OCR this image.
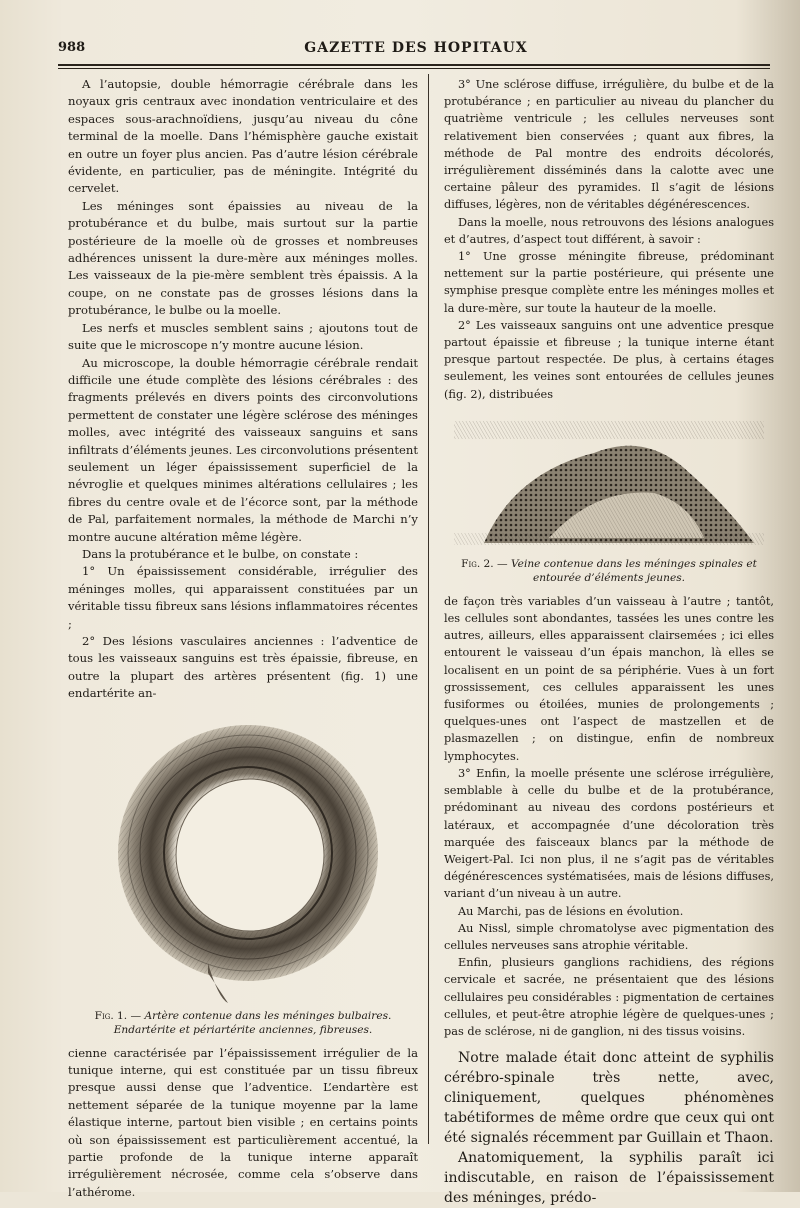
988	GAZETTE DES HOPITAUX

A l’autopsie, double hémorragie cérébrale dans les noyaux gris centraux avec inondation ventriculaire et des espaces sous-arachnoïdiens, jusqu’au niveau du cône terminal de la moelle. Dans l’hémisphère gauche existait en outre un foyer plus ancien. Pas d’autre lésion cérébrale évidente, en particulier, pas de méningite. Intégrité du cervelet.

Les méninges sont épaissies au niveau de la protubérance et du bulbe, mais surtout sur la partie postérieure de la moelle où de grosses et nombreuses adhérences unissent la dure-mère aux méninges molles. Les vaisseaux de la pie-mère semblent très épaissis. A la coupe, on ne constate pas de grosses lésions dans la protubérance, le bulbe ou la moelle.

Les nerfs et muscles semblent sains ; ajoutons tout de suite que le microscope n’y montre aucune lésion.

Au microscope, la double hémorragie cérébrale rendait difficile une étude complète des lésions cérébrales : des fragments prélevés en divers points des circonvolutions permettent de constater une légère sclérose des méninges molles, avec intégrité des vaisseaux sanguins et sans infiltrats d’éléments jeunes. Les circonvolutions présentent seulement un léger épaississement superficiel de la névroglie et quelques minimes altérations cellulaires ; les fibres du centre ovale et de l’écorce sont, par la méthode de Pal, parfaitement normales, la méthode de Marchi n’y montre aucune altération même légère.

Dans la protubérance et le bulbe, on constate :

1° Un épaississement considérable, irrégulier des méninges molles, qui apparaissent constituées par un véritable tissu fibreux sans lésions inflammatoires récentes ;

2° Des lésions vasculaires anciennes : l’adventice de tous les vaisseaux sanguins est très épaissie, fibreuse, en outre la plupart des artères présentent (fig. 1) une endartérite an-

Fig. 1. — Artère contenue dans les méninges bulbaires. Endartérite et périartérite anciennes, fibreuses.

cienne caractérisée par l’épaississement irrégulier de la tunique interne, qui est constituée par un tissu fibreux presque aussi dense que l’adventice. L’endartère est nettement séparée de la tunique moyenne par la lame élastique interne, partout bien visible ; en certains points où son épaississement est particulièrement accentué, la partie profonde de la tunique interne apparaît irrégulièrement nécrosée, comme cela s’observe dans l’athérome.

3° Une sclérose diffuse, irrégulière, du bulbe et de la protubérance ; en particulier au niveau du plancher du quatrième ventricule ; les cellules nerveuses sont relativement bien conservées ; quant aux fibres, la méthode de Pal montre des endroits décolorés, irrégulièrement disséminés dans la calotte avec une certaine pâleur des pyramides. Il s’agit de lésions diffuses, légères, non de véritables dégénérescences.

Dans la moelle, nous retrouvons des lésions analogues et d’autres, d’aspect tout différent, à savoir :

1° Une grosse méningite fibreuse, prédominant nettement sur la partie postérieure, qui présente une symphise presque complète entre les méninges molles et la dure-mère, sur toute la hauteur de la moelle.

2° Les vaisseaux sanguins ont une adventice presque partout épaissie et fibreuse ; la tunique interne étant presque partout respectée. De plus, à certains étages seulement, les veines sont entourées de cellules jeunes (fig. 2), distribuées

Fig. 2. — Veine contenue dans les méninges spinales et entourée d’éléments jeunes.

de façon très variables d’un vaisseau à l’autre ; tantôt, les cellules sont abondantes, tassées les unes contre les autres, ailleurs, elles apparaissent clairsemées ; ici elles entourent le vaisseau d’un épais manchon, là elles se localisent en un point de sa périphérie. Vues à un fort grossissement, ces cellules apparaissent les unes fusiformes ou étoilées, munies de prolongements ; quelques-unes ont l’aspect de mastzellen et de plasmazellen ; on distingue, enfin de nombreux lymphocytes.

3° Enfin, la moelle présente une sclérose irrégulière, semblable à celle du bulbe et de la protubérance, prédominant au niveau des cordons postérieurs et latéraux, et accompagnée d’une décoloration très marquée des faisceaux blancs par la méthode de Weigert-Pal. Ici non plus, il ne s’agit pas de véritables dégénérescences systématisées, mais de lésions diffuses, variant d’un niveau à un autre.

Au Marchi, pas de lésions en évolution.

Au Nissl, simple chromatolyse avec pigmentation des cellules nerveuses sans atrophie véritable.

Enfin, plusieurs ganglions rachidiens, des régions cervicale et sacrée, ne présentaient que des lésions cellulaires peu considérables : pigmentation de certaines cellules, et peut-être atrophie légère de quelques-unes ; pas de sclérose, ni de ganglion, ni des tissus voisins.

Notre malade était donc atteint de syphilis cérébro-spinale très nette, avec, cliniquement, quelques phénomènes tabétiformes de même ordre que ceux qui ont été signalés récemment par Guillain et Thaon.

Anatomiquement, la syphilis paraît ici indiscutable, en raison de l’épaississement des méninges, prédo-
